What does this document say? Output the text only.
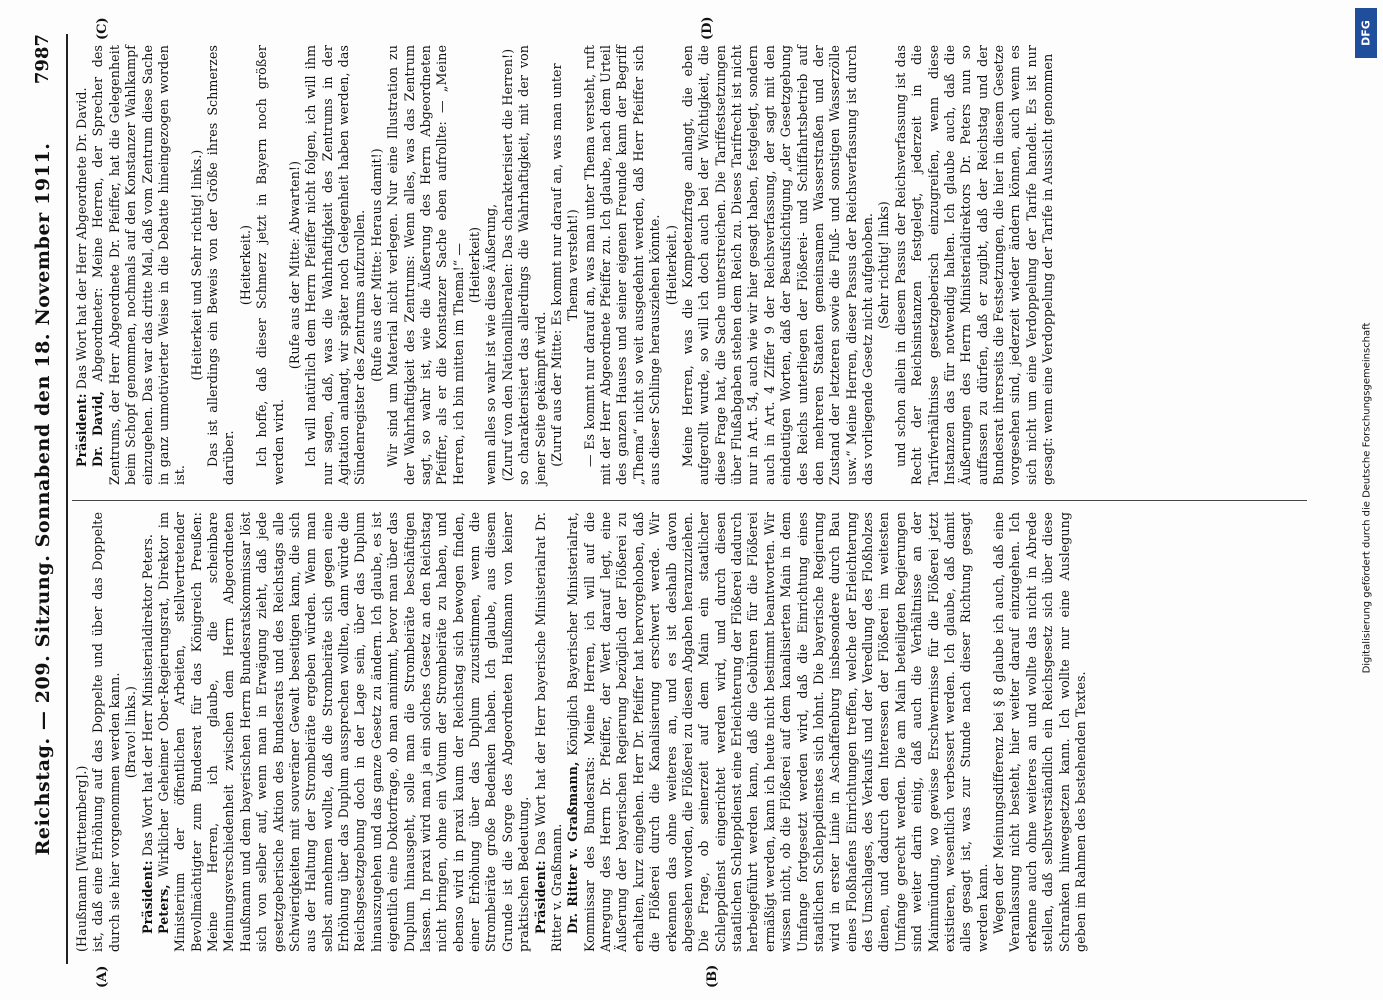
Reichstag. — 209. Sitzung. Sonnabend den 18. November 1911.
7987
(A)	(B)
(C)	(D)

(Haußmann [Württemberg].) ist, daß eine Erhöhung auf das Doppelte und über das Doppelte durch sie hier vorgenommen werden kann. (Bravo! links.)

Präsident: Das Wort hat der Herr Ministerialdirektor Peters.

Peters, Wirklicher Geheimer Ober-Regierungsrat, Direktor im Ministerium der öffentlichen Arbeiten, stellvertretender Bevollmächtigter zum Bundesrat für das Königreich Preußen: Meine Herren, ich glaube, die scheinbare Meinungsverschiedenheit zwischen dem Herrn Abgeordneten Haußmann und dem bayerischen Herrn Bundesratskommissar löst sich von selber auf, wenn man in Erwägung zieht, daß jede gesetzgeberische Aktion des Bundesrats und des Reichstags alle Schwierigkeiten mit souveräner Gewalt beseitigen kann, die sich aus der Haltung der Strombeiräte ergeben würden. Wenn man selbst annehmen wollte, daß die Strombeiräte sich gegen eine Erhöhung über das Duplum aussprechen wollten, dann würde die Reichsgesetzgebung doch in der Lage sein, über das Duplum hinauszugehen und das ganze Gesetz zu ändern. Ich glaube, es ist eigentlich eine Doktorfrage, ob man annimmt, bevor man über das Duplum hinausgeht, solle man die Strombeiräte beschäftigen lassen. In praxi wird man ja ein solches Gesetz an den Reichstag nicht bringen, ohne ein Votum der Strombeiräte zu haben, und ebenso wird in praxi kaum der Reichstag sich bewogen finden, einer Erhöhung über das Duplum zuzustimmen, wenn die Strombeiräte große Bedenken haben. Ich glaube, aus diesem Grunde ist die Sorge des Abgeordneten Haußmann von keiner praktischen Bedeutung. Präsident: Das Wort hat der Herr bayerische Ministerialrat Dr. Ritter v. Graßmann. Dr. Ritter v. Graßmann, Königlich Bayerischer Ministerialrat, Kommissar des Bundesrats: Meine Herren, ich will auf die Anregung des Herrn Dr. Pfeiffer, der Wert darauf legt, eine Äußerung der bayerischen Regierung bezüglich der Flößerei zu erhalten, kurz eingehen. Herr Dr. Pfeiffer hat hervorgehoben, daß die Flößerei durch die Kanalisierung erschwert werde. Wir erkennen das ohne weiteres an, und es ist deshalb davon abgesehen worden, die Flößerei zu diesen Abgaben heranzuziehen. Die Frage, ob seinerzeit auf dem Main ein staatlicher Schleppdienst eingerichtet werden wird, und durch diesen staatlichen Schleppdienst eine Erleichterung der Flößerei dadurch herbeigeführt werden kann, daß die Gebühren für die Flößerei ermäßigt werden, kann ich heute nicht bestimmt beantworten. Wir wissen nicht, ob die Flößerei auf dem kanalisierten Main in dem Umfange fortgesetzt werden wird, daß die Einrichtung eines staatlichen Schleppdienstes sich lohnt. Die bayerische Regierung wird in erster Linie in Aschaffenburg insbesondere durch Bau eines Floßhafens Einrichtungen treffen, welche der Erleichterung des Umschlages, des Verkaufs und der Veredlung des Floßholzes dienen, und dadurch den Interessen der Flößerei im weitesten Umfange gerecht werden. Die am Main beteiligten Regierungen sind weiter darin einig, daß auch die Verhältnisse an der Mainmündung, wo gewisse Erschwernisse für die Flößerei jetzt existieren, wesentlich verbessert werden. Ich glaube, daß damit alles gesagt ist, was zur Stunde nach dieser Richtung gesagt werden kann. Wegen der Meinungsdifferenz bei § 8 glaube ich auch, daß eine Veranlassung nicht besteht, hier weiter darauf einzugehen. Ich erkenne auch ohne weiteres an und wollte das nicht in Abrede stellen, daß selbstverständlich ein Reichsgesetz sich über diese Schranken hinwegsetzen kann. Ich wollte nur eine Auslegung geben im Rahmen des bestehenden Textes.

Präsident: Das Wort hat der Herr Abgeordnete Dr. David.

Dr. David, Abgeordneter: Meine Herren, der Sprecher des Zentrums, der Herr Abgeordnete Dr. Pfeiffer, hat die Gelegenheit beim Schopf genommen, nochmals auf den Konstanzer Wahlkampf einzugehen. Das war das dritte Mal, daß vom Zentrum diese Sache in ganz unmotivierter Weise in die Debatte hineingezogen worden ist.

(Heiterkeit und Sehr richtig! links.) Das ist allerdings ein Beweis von der Größe ihres Schmerzes darüber.

(Heiterkeit.) Ich hoffe, daß dieser Schmerz jetzt in Bayern noch größer werden wird.

(Rufe aus der Mitte: Abwarten!) Ich will natürlich dem Herrn Pfeiffer nicht folgen, ich will ihm nur sagen, daß, was die Wahrhaftigkeit des Zentrums in der Agitation anlangt, wir später noch Gelegenheit haben werden, das Sündenregister des Zentrums aufzurollen. (Rufe aus der Mitte: Heraus damit!) Wir sind um Material nicht verlegen. Nur eine Illustration zu der Wahrhaftigkeit des Zentrums: Wenn alles, was das Zentrum sagt, so wahr ist, wie die Äußerung des Herrn Abgeordneten Pfeiffer, als er die Konstanzer Sache eben aufrollte: — „Meine Herren, ich bin mitten im Thema!“ — (Heiterkeit) wenn alles so wahr ist wie diese Äußerung, (Zuruf von den Nationalliberalen: Das charakterisiert die Herren!) so charakterisiert das allerdings die Wahrhaftigkeit, mit der von jener Seite gekämpft wird. (Zuruf aus der Mitte: Es kommt nur darauf an, was man unter Thema versteht!) — Es kommt nur darauf an, was man unter Thema versteht, ruft mit der Herr Abgeordnete Pfeiffer zu. Ich glaube, nach dem Urteil des ganzen Hauses und seiner eigenen Freunde kann der Begriff „Thema“ nicht so weit ausgedehnt werden, daß Herr Pfeiffer sich aus dieser Schlinge herausziehen könnte. (Heiterkeit.) Meine Herren, was die Kompetenzfrage anlangt, die eben aufgerollt wurde, so will ich doch auch bei der Wichtigkeit, die diese Frage hat, die Sache unterstreichen. Die Tariffestsetzungen über Flußabgaben stehen dem Reich zu. Dieses Tarifrecht ist nicht nur in Art. 54, auch wie wir hier gesagt haben, festgelegt, sondern auch in Art. 4 Ziffer 9 der Reichsverfassung, der sagt mit den eindeutigen Worten, daß der Beaufsichtigung „der Gesetzgebung des Reichs unterliegen der Flößerei- und Schiffahrtsbetrieb auf den mehreren Staaten gemeinsamen Wasserstraßen und der Zustand der letzteren sowie die Fluß- und sonstigen Wasserzölle usw.“ Meine Herren, dieser Passus der Reichsverfassung ist durch das vorliegende Gesetz nicht aufgehoben. (Sehr richtig! links) und schon allein in diesem Passus der Reichsverfassung ist das Recht der Reichsinstanzen festgelegt, jederzeit in die Tarifverhältnisse gesetzgeberisch einzugreifen, wenn diese Instanzen das für notwendig halten. Ich glaube auch, daß die Äußerungen des Herrn Ministerialdirektors Dr. Peters nun so auffassen zu dürfen, daß er zugibt, daß der Reichstag und der Bundesrat ihrerseits die Festsetzungen, die hier in diesem Gesetze vorgesehen sind, jederzeit wieder ändern können, auch wenn es sich nicht um eine Verdoppelung der Tarife handelt. Es ist nur gesagt: wenn eine Verdoppelung der Tarife in Aussicht genommen

DFG
Digitalisierung gefördert durch die Deutsche Forschungsgemeinschaft
